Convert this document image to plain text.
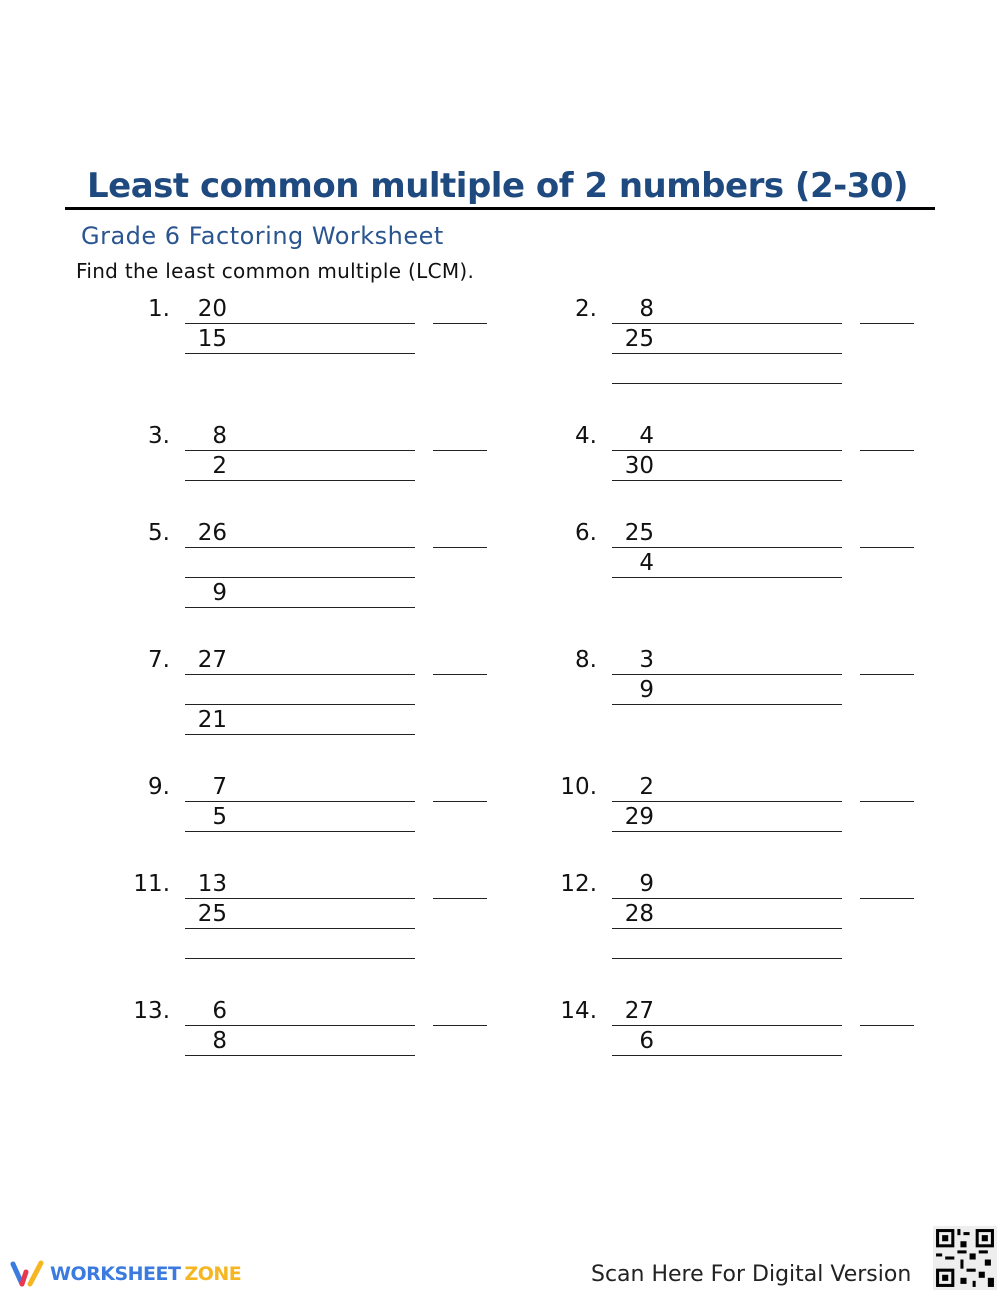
Least common multiple of 2 numbers (2-30)
Grade 6 Factoring Worksheet
Find the least common multiple (LCM).
1. 20
15
2. 8
25
3. 8
2
4. 4
30
5. 26
9
6. 25
4
7. 27
21
8. 3
9
9. 7
5
10. 2
29
11. 13
25
12. 9
28
13. 6
8
14. 27
6
WORKSHEET ZONE	Scan Here For Digital Version
